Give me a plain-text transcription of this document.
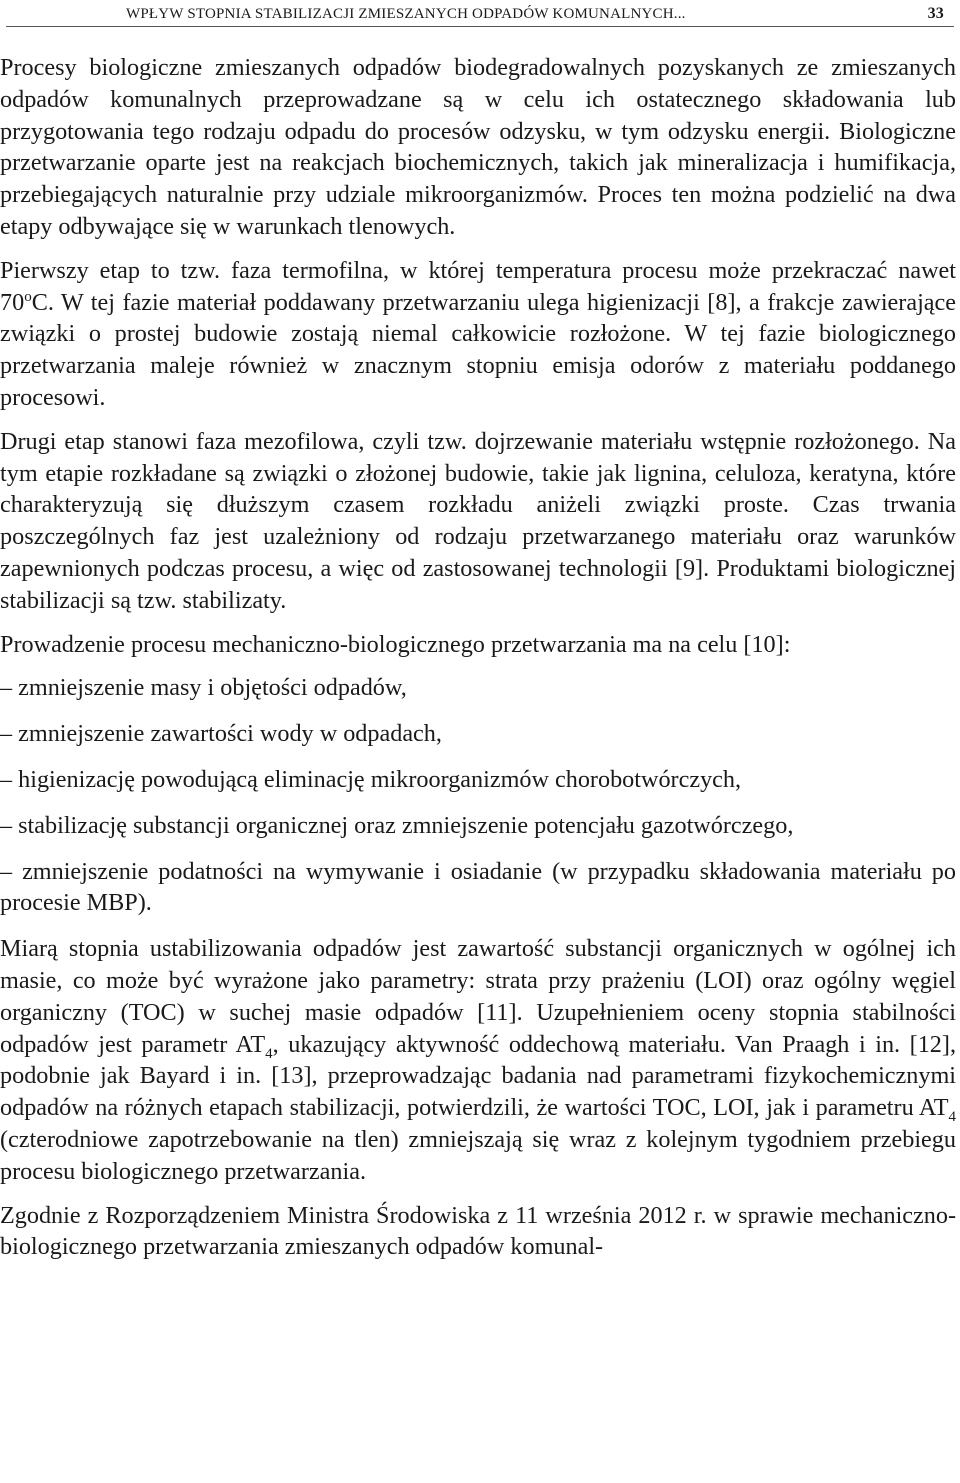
WPŁYW STOPNIA STABILIZACJI ZMIESZANYCH ODPADÓW KOMUNALNYCH...	33

Procesy biologiczne zmieszanych odpadów biodegradowalnych pozyskanych ze zmieszanych odpadów komunalnych przeprowadzane są w celu ich ostatecznego składowania lub przygotowania tego rodzaju odpadu do procesów odzysku, w tym odzysku energii. Biologiczne przetwarzanie oparte jest na reakcjach biochemicznych, takich jak mineralizacja i humifikacja, przebiegających naturalnie przy udziale mikroorganizmów. Proces ten można podzielić na dwa etapy odbywające się w warunkach tlenowych.

Pierwszy etap to tzw. faza termofilna, w której temperatura procesu może przekraczać nawet 70$^o$C. W tej fazie materiał poddawany przetwarzaniu ulega higienizacji [8], a frakcje zawierające związki o prostej budowie zostają niemal całkowicie rozłożone. W tej fazie biologicznego przetwarzania maleje również w znacznym stopniu emisja odorów z materiału poddanego procesowi.

Drugi etap stanowi faza mezofilowa, czyli tzw. dojrzewanie materiału wstępnie rozłożonego. Na tym etapie rozkładane są związki o złożonej budowie, takie jak lignina, celuloza, keratyna, które charakteryzują się dłuższym czasem rozkładu aniżeli związki proste. Czas trwania poszczególnych faz jest uzależniony od rodzaju przetwarzanego materiału oraz warunków zapewnionych podczas procesu, a więc od zastosowanej technologii [9]. Produktami biologicznej stabilizacji są tzw. stabilizaty.

Prowadzenie procesu mechaniczno-biologicznego przetwarzania ma na celu [10]:

– zmniejszenie masy i objętości odpadów,

– zmniejszenie zawartości wody w odpadach,

– higienizację powodującą eliminację mikroorganizmów chorobotwórczych,

– stabilizację substancji organicznej oraz zmniejszenie potencjału gazotwórczego,

– zmniejszenie podatności na wymywanie i osiadanie (w przypadku składowania materiału po procesie MBP).

Miarą stopnia ustabilizowania odpadów jest zawartość substancji organicznych w ogólnej ich masie, co może być wyrażone jako parametry: strata przy prażeniu (LOI) oraz ogólny węgiel organiczny (TOC) w suchej masie odpadów [11]. Uzupełnieniem oceny stopnia stabilności odpadów jest parametr $AT_4$, ukazujący aktywność oddechową materiału. Van Praagh i in. [12], podobnie jak Bayard i in. [13], przeprowadzając badania nad parametrami fizykochemicznymi odpadów na różnych etapach stabilizacji, potwierdzili, że wartości TOC, LOI, jak i parametru $AT_4$ (czterodniowe zapotrzebowanie na tlen) zmniejszają się wraz z kolejnym tygodniem przebiegu procesu biologicznego przetwarzania.

Zgodnie z Rozporządzeniem Ministra Środowiska z 11 września 2012 r. w sprawie mechaniczno-biologicznego przetwarzania zmieszanych odpadów komunal-
